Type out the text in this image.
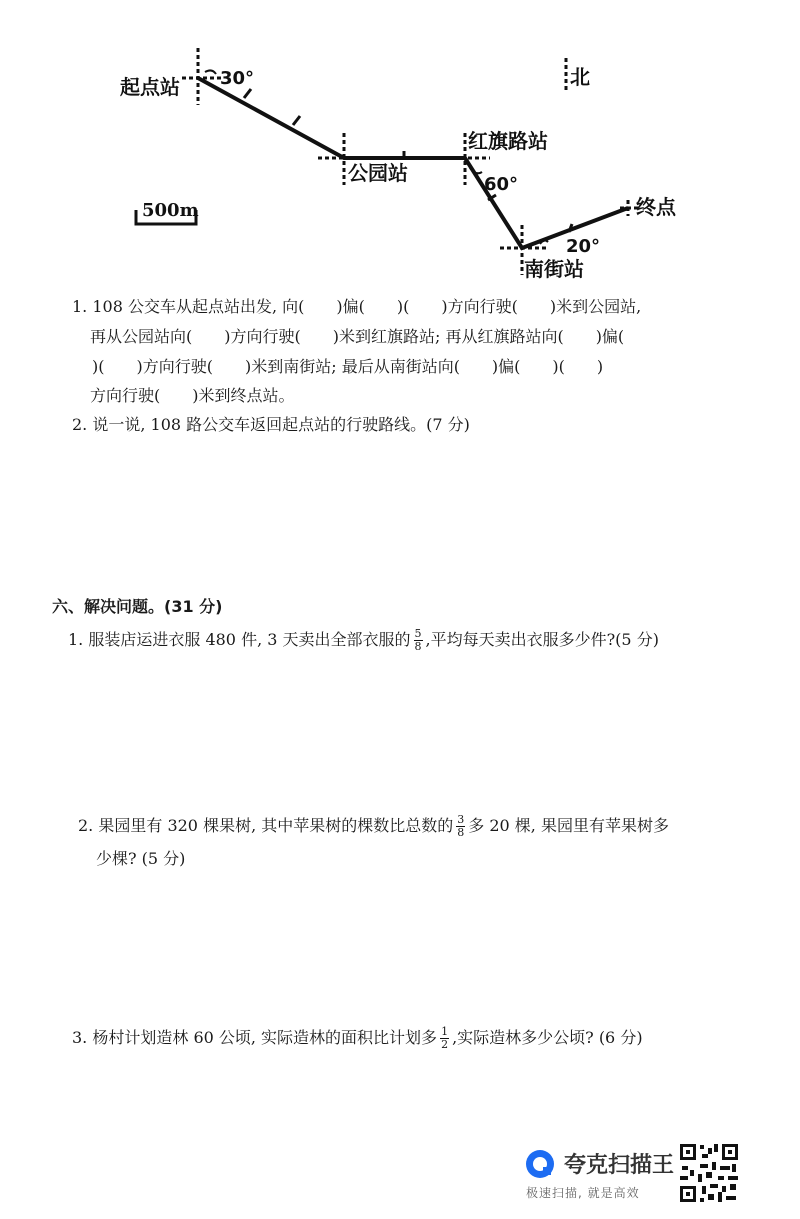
北
起点站
公园站
红旗路站
南街站
终点
30°
60°
20°
500m
1. 108 公交车从起点站出发, 向(　　)偏(　　)(　　)方向行驶(　　)米到公园站,
再从公园站向(　　)方向行驶(　　)米到红旗路站; 再从红旗路站向(　　)偏(
)(　　)方向行驶(　　)米到南街站; 最后从南街站向(　　)偏(　　)(　　)
方向行驶(　　)米到终点站。
2. 说一说, 108 路公交车返回起点站的行驶路线。(7 分)
六、解决问题。(31 分)
1. 服装店运进衣服 480 件, 3 天卖出全部衣服的 $\frac{5}{8}$ ,平均每天卖出衣服多少件?(5 分)
2. 果园里有 320 棵果树, 其中苹果树的棵数比总数的 $\frac{3}{8}$ 多 20 棵, 果园里有苹果树多
少棵? (5 分)
3. 杨村计划造林 60 公顷, 实际造林的面积比计划多 $\frac{1}{2}$ ,实际造林多少公顷? (6 分)
夸克扫描王
极速扫描, 就是高效
